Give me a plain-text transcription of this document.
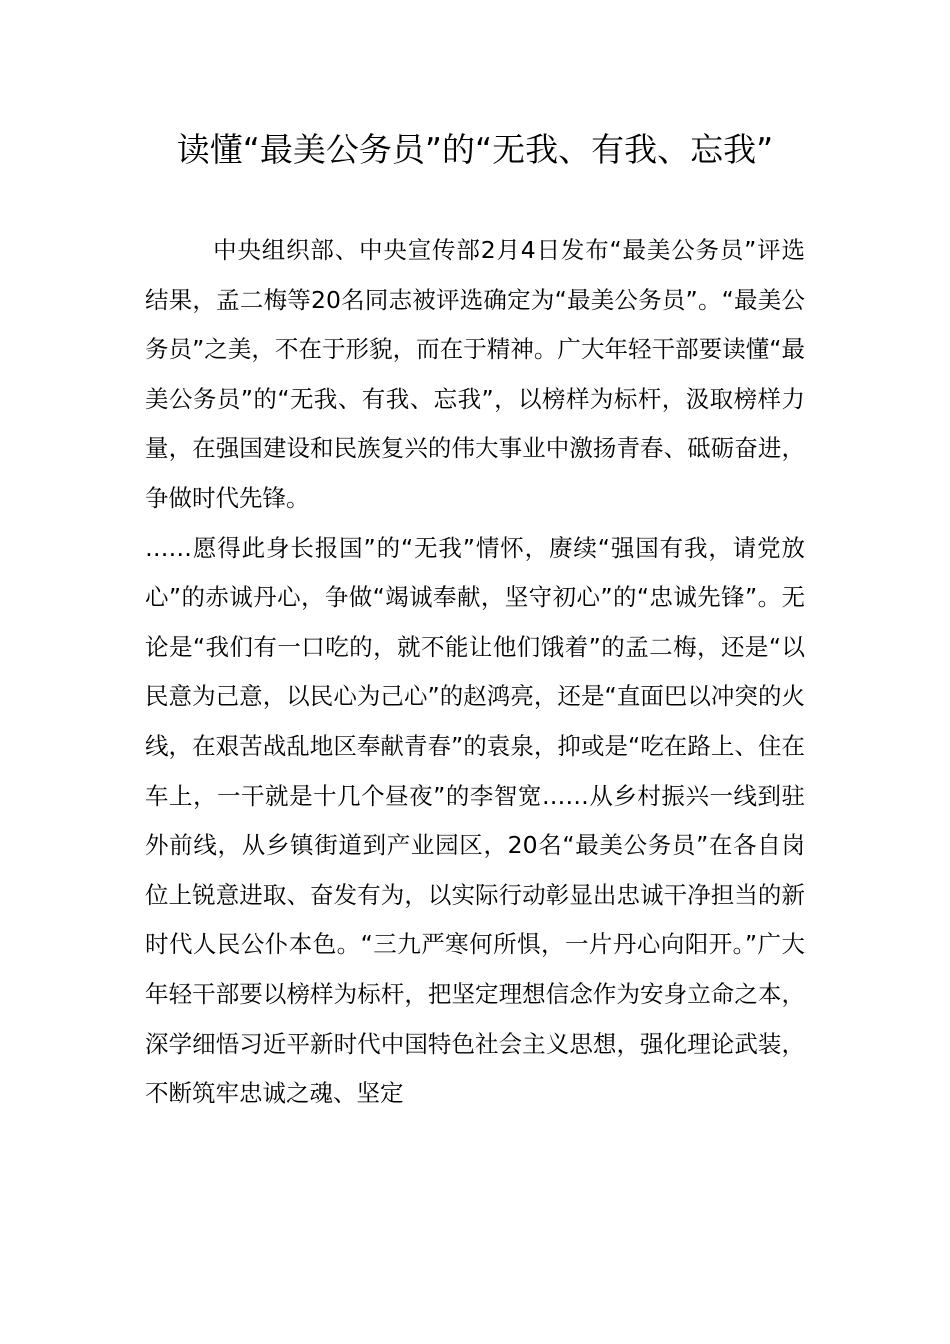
读懂“最美公务员”的“无我、有我、忘我”

中央组织部、中央宣传部2月4日发布“最美公务员”评选结果，孟二梅等20名同志被评选确定为“最美公务员”。“最美公务员”之美，不在于形貌，而在于精神。广大年轻干部要读懂“最美公务员”的“无我、有我、忘我”，以榜样为标杆，汲取榜样力量，在强国建设和民族复兴的伟大事业中激扬青春、砥砺奋进，争做时代先锋。

……愿得此身长报国”的“无我”情怀，赓续“强国有我，请党放心”的赤诚丹心，争做“竭诚奉献，坚守初心”的“忠诚先锋”。无论是“我们有一口吃的，就不能让他们饿着”的孟二梅，还是“以民意为己意，以民心为己心”的赵鸿亮，还是“直面巴以冲突的火线，在艰苦战乱地区奉献青春”的袁泉，抑或是“吃在路上、住在车上，一干就是十几个昼夜”的李智宽……从乡村振兴一线到驻外前线，从乡镇街道到产业园区，20名“最美公务员”在各自岗位上锐意进取、奋发有为，以实际行动彰显出忠诚干净担当的新时代人民公仆本色。“三九严寒何所惧，一片丹心向阳开。”广大年轻干部要以榜样为标杆，把坚定理想信念作为安身立命之本，深学细悟习近平新时代中国特色社会主义思想，强化理论武装，不断筑牢忠诚之魂、坚定
